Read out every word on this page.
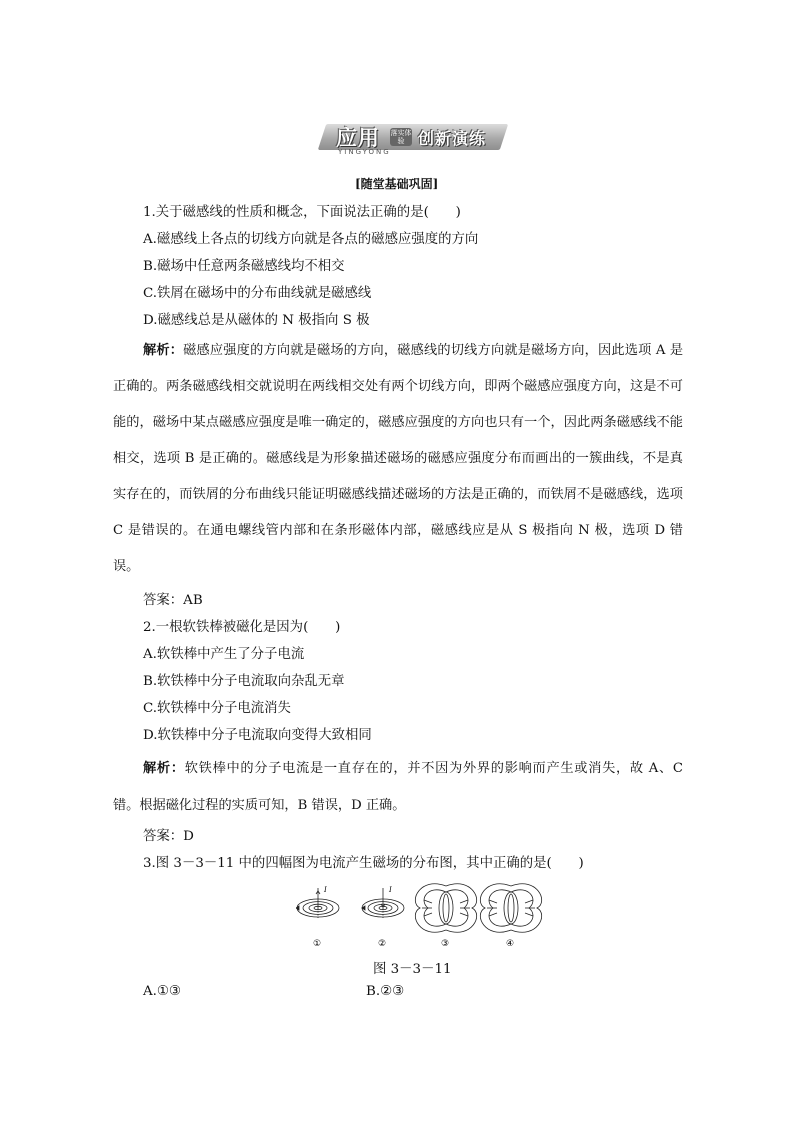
应用 落实体验 创新演练
YINGYONG
[随堂基础巩固]
1.关于磁感线的性质和概念，下面说法正确的是(　　)
A.磁感线上各点的切线方向就是各点的磁感应强度的方向
B.磁场中任意两条磁感线均不相交
C.铁屑在磁场中的分布曲线就是磁感线
D.磁感线总是从磁体的 N 极指向 S 极
解析：磁感应强度的方向就是磁场的方向，磁感线的切线方向就是磁场方向，因此选项 A 是正确的。两条磁感线相交就说明在两线相交处有两个切线方向，即两个磁感应强度方向，这是不可能的，磁场中某点磁感应强度是唯一确定的，磁感应强度的方向也只有一个，因此两条磁感线不能相交，选项 B 是正确的。磁感线是为形象描述磁场的磁感应强度分布而画出的一簇曲线，不是真实存在的，而铁屑的分布曲线只能证明磁感线描述磁场的方法是正确的，而铁屑不是磁感线，选项 C 是错误的。在通电螺线管内部和在条形磁体内部，磁感线应是从 S 极指向 N 极，选项 D 错误。
答案：AB
2.一根软铁棒被磁化是因为(　　)
A.软铁棒中产生了分子电流
B.软铁棒中分子电流取向杂乱无章
C.软铁棒中分子电流消失
D.软铁棒中分子电流取向变得大致相同
解析：软铁棒中的分子电流是一直存在的，并不因为外界的影响而产生或消失，故 A、C 错。根据磁化过程的实质可知，B 错误，D 正确。
答案：D
3.图 3－3－11 中的四幅图为电流产生磁场的分布图，其中正确的是(　　)
I	I
①	②	③	④
图 3－3－11
A.①③	B.②③
